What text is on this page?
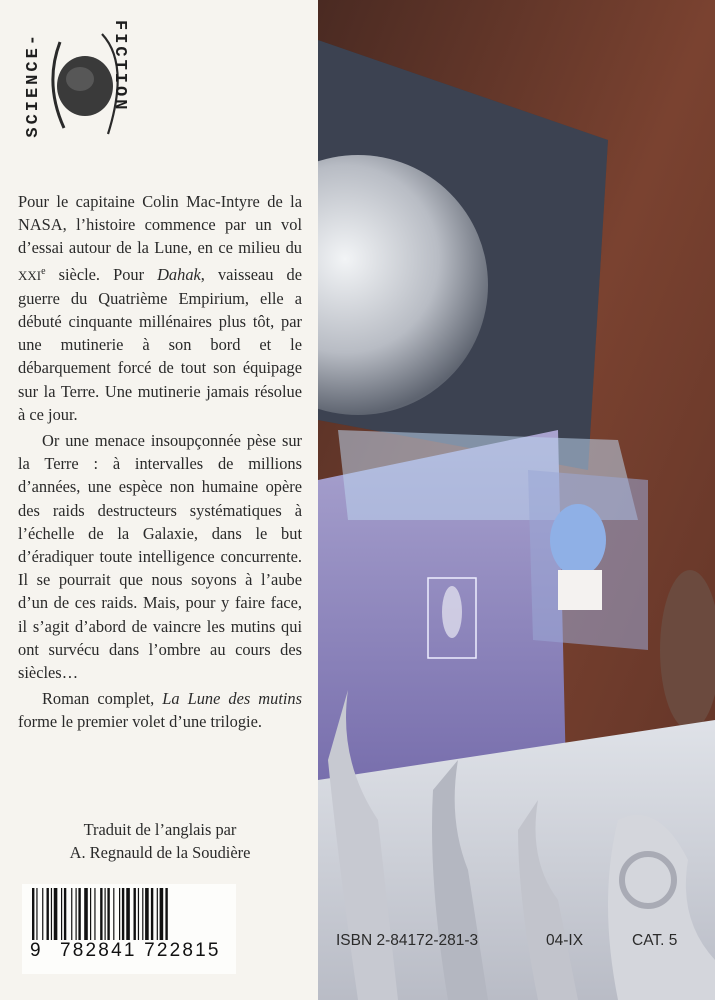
SCIENCE-	FICTION

Pour le capitaine Colin Mac-Intyre de la NASA, l’histoire commence par un vol d’essai autour de la Lune, en ce milieu du XXIe siècle. Pour Dahak, vaisseau de guerre du Quatrième Empirium, elle a débuté cinquante millénaires plus tôt, par une mutinerie à son bord et le débarquement forcé de tout son équipage sur la Terre. Une mutinerie jamais résolue à ce jour.

Or une menace insoupçonnée pèse sur la Terre : à intervalles de millions d’années, une espèce non humaine opère des raids destructeurs systématiques à l’échelle de la Galaxie, dans le but d’éradiquer toute intelligence concurrente. Il se pourrait que nous soyons à l’aube d’un de ces raids. Mais, pour y faire face, il s’agit d’abord de vaincre les mutins qui ont survécu dans l’ombre au cours des siècles…

Roman complet, La Lune des mutins forme le premier volet d’une trilogie.

Traduit de l’anglais par
A. Regnauld de la Soudière
9 782841 722815	ISBN 2-84172-281-3	04-IX	CAT. 5
